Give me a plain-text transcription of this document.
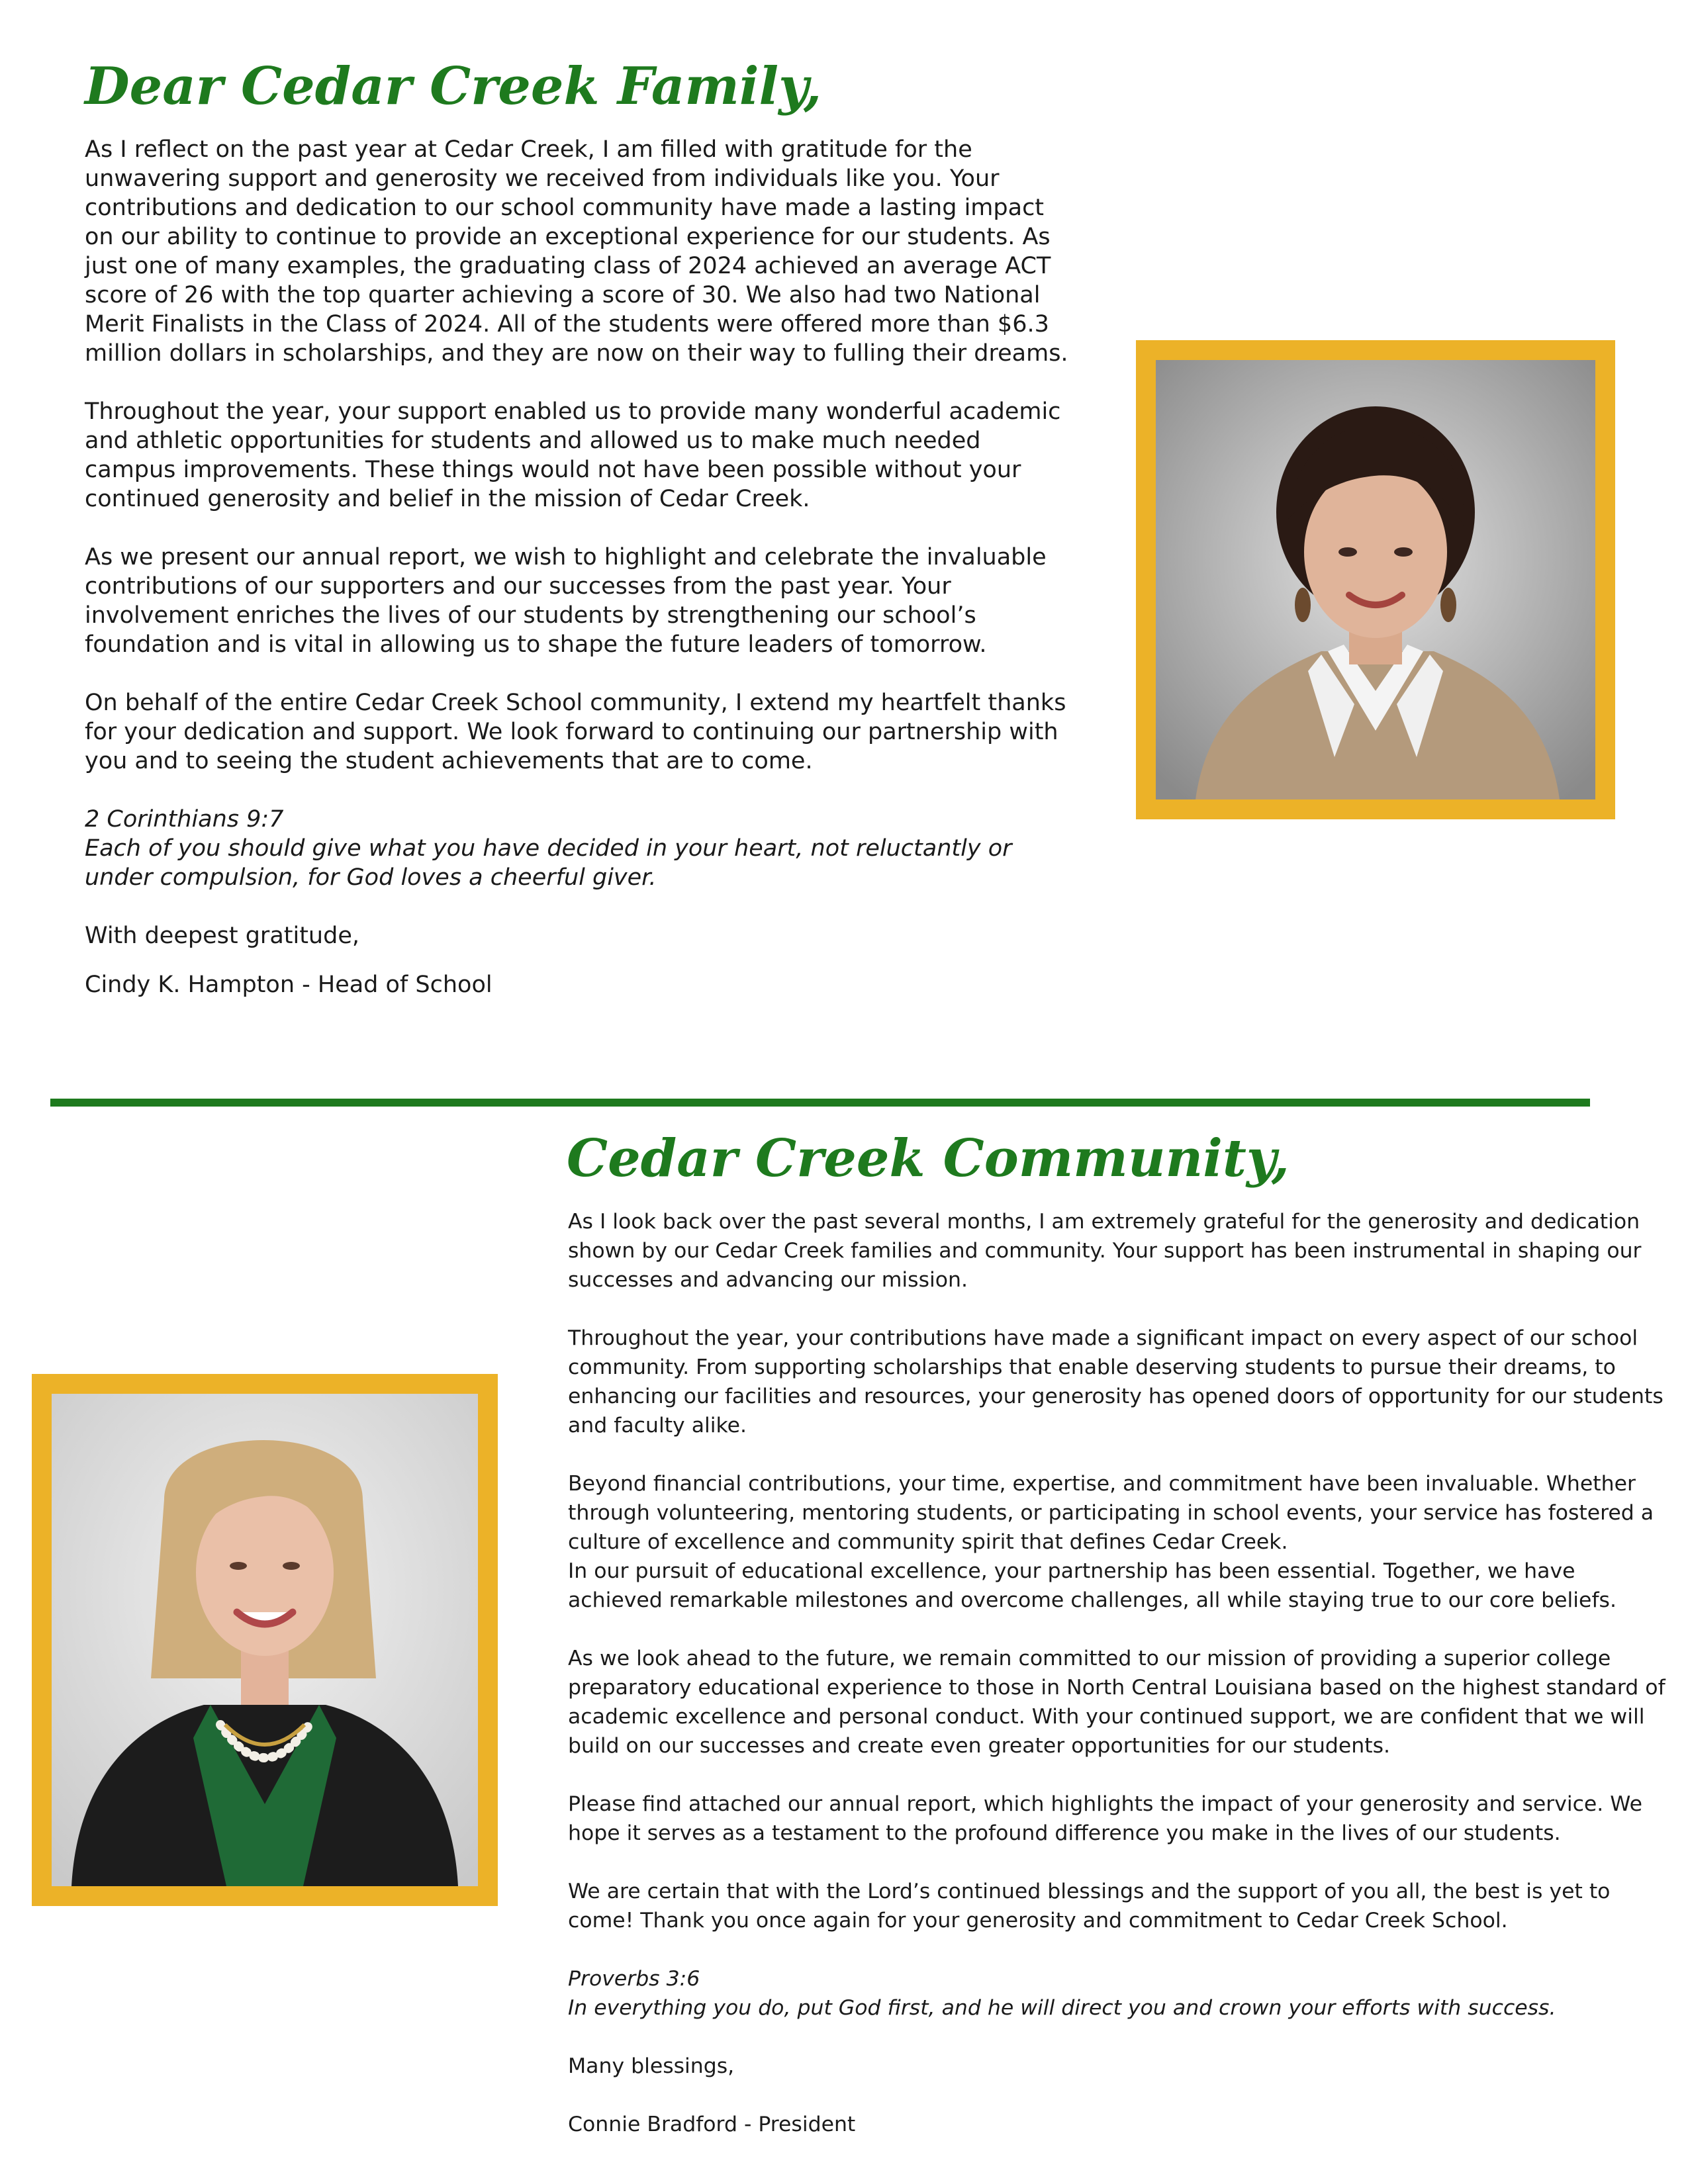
Dear Cedar Creek Family,

As I reflect on the past year at Cedar Creek, I am filled with gratitude for the unwavering support and generosity we received from individuals like you. Your contributions and dedication to our school community have made a lasting impact on our ability to continue to provide an exceptional experience for our students. As just one of many examples, the graduating class of 2024 achieved an average ACT score of 26 with the top quarter achieving a score of 30. We also had two National Merit Finalists in the Class of 2024. All of the students were offered more than $6.3 million dollars in scholarships, and they are now on their way to fulling their dreams.

Throughout the year, your support enabled us to provide many wonderful academic and athletic opportunities for students and allowed us to make much needed campus improvements. These things would not have been possible without your continued generosity and belief in the mission of Cedar Creek.

As we present our annual report, we wish to highlight and celebrate the invaluable contributions of our supporters and our successes from the past year. Your involvement enriches the lives of our students by strengthening our school’s foundation and is vital in allowing us to shape the future leaders of tomorrow.

On behalf of the entire Cedar Creek School community, I extend my heartfelt thanks for your dedication and support. We look forward to continuing our partnership with you and to seeing the student achievements that are to come.

2 Corinthians 9:7
Each of you should give what you have decided in your heart, not reluctantly or under compulsion, for God loves a cheerful giver.

With deepest gratitude,

Cindy K. Hampton - Head of School

Cedar Creek Community,

As I look back over the past several months, I am extremely grateful for the generosity and dedication shown by our Cedar Creek families and community. Your support has been instrumental in shaping our successes and advancing our mission.

Throughout the year, your contributions have made a significant impact on every aspect of our school community. From supporting scholarships that enable deserving students to pursue their dreams, to enhancing our facilities and resources, your generosity has opened doors of opportunity for our students and faculty alike.

Beyond financial contributions, your time, expertise, and commitment have been invaluable. Whether through volunteering, mentoring students, or participating in school events, your service has fostered a culture of excellence and community spirit that defines Cedar Creek.

In our pursuit of educational excellence, your partnership has been essential. Together, we have achieved remarkable milestones and overcome challenges, all while staying true to our core beliefs.

As we look ahead to the future, we remain committed to our mission of providing a superior college preparatory educational experience to those in North Central Louisiana based on the highest standard of academic excellence and personal conduct. With your continued support, we are confident that we will build on our successes and create even greater opportunities for our students.

Please find attached our annual report, which highlights the impact of your generosity and service. We hope it serves as a testament to the profound difference you make in the lives of our students.

We are certain that with the Lord’s continued blessings and the support of you all, the best is yet to come! Thank you once again for your generosity and commitment to Cedar Creek School.

Proverbs 3:6
In everything you do, put God first, and he will direct you and crown your efforts with success.

Many blessings,

Connie Bradford - President
